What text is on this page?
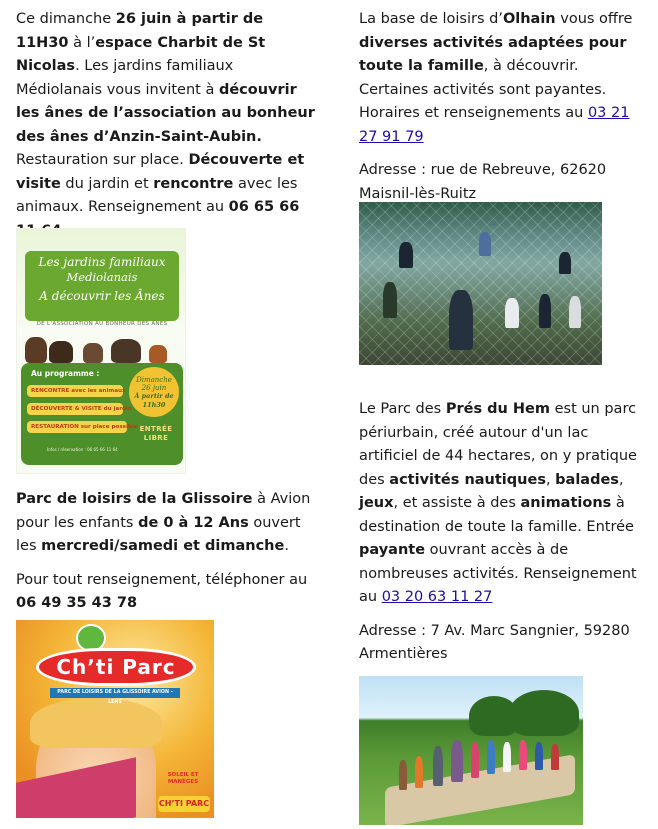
Ce dimanche 26 juin à partir de 11H30 à l’espace Charbit de St Nicolas. Les jardins familiaux Médiolanais vous invitent à découvrir les ânes de l’association au bonheur des ânes d’Anzin-Saint-Aubin. Restauration sur place. Découverte et visite du jardin et rencontre avec les animaux. Renseignement au 06 65 66

Parc de loisirs de la Glissoire à Avion pour les enfants de 0 à 12 Ans ouvert les mercredi/samedi et dimanche.

Pour tout renseignement, téléphoner au 06 49 35 43 78

Les jardins familiaux
Mediolanais
A découvrir les Ânes
DE L’ASSOCIATION AU BONHEUR DES ÂNES
Au programme :
RENCONTRE avec les animaux
DÉCOUVERTE & VISITE du jardin
RESTAURATION sur place possible
Dimanche
26 juin
À partir de 11h30
ENTRÉE
LIBRE
Infos / réservation : 06 65 66 11 64
Ch’ti Parc
PARC DE LOISIRS DE LA GLISSOIRE AVION - LENS
SOLEIL ET MANÈGES
CH’TI PARC

La base de loisirs d’Olhain vous offre diverses activités adaptées pour toute la famille, à découvrir. Certaines activités sont payantes. Horaires et renseignements au 03 21 27 91 79

Adresse : rue de Rebreuve, 62620 Maisnil-lès-Ruitz

Le Parc des Prés du Hem est un parc périurbain, créé autour d'un lac artificiel de 44 hectares, on y pratique des activités nautiques, balades, jeux, et assiste à des animations à destination de toute la famille. Entrée payante ouvrant accès à de nombreuses activités. Renseignement au 03 20 63 11 27

Adresse : 7 Av. Marc Sangnier, 59280 Armentières
